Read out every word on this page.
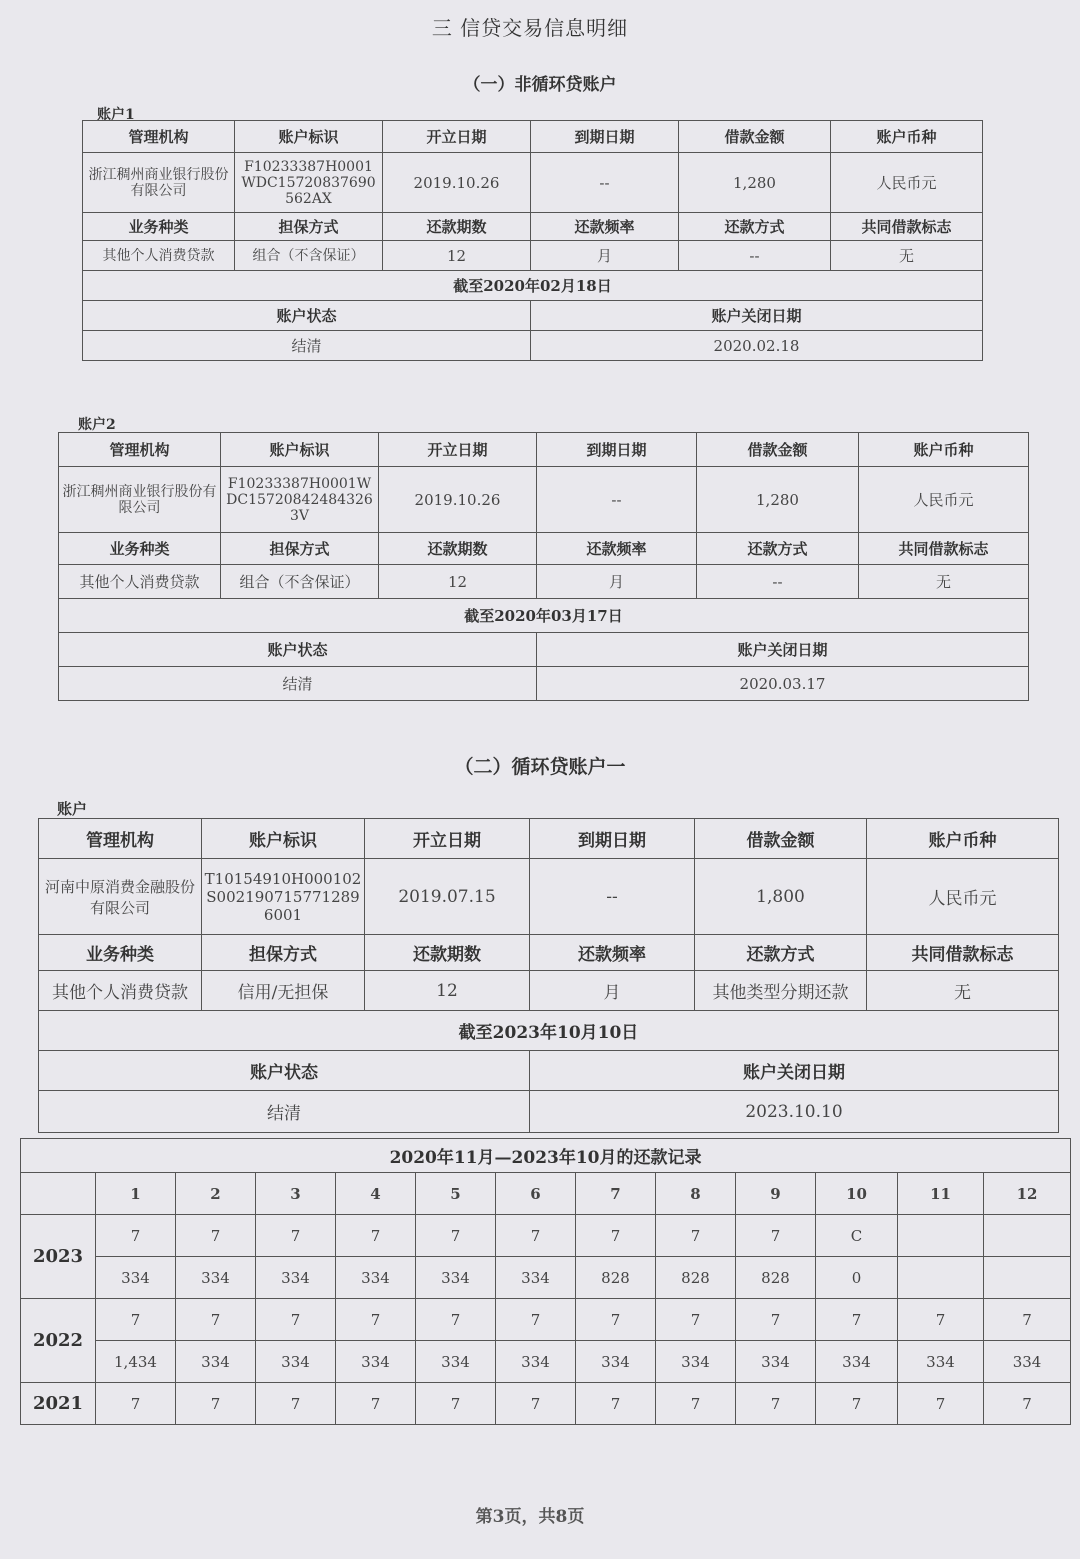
三 信贷交易信息明细
（一）非循环贷账户
账户1
管理机构	账户标识	开立日期	到期日期	借款金额	账户币种
浙江稠州商业银行股份有限公司	F10233387H0001WDC15720837690562AX	2019.10.26	--	1,280	人民币元
业务种类	担保方式	还款期数	还款频率	还款方式	共同借款标志
其他个人消费贷款	组合（不含保证）	12	月	--	无
截至2020年02月18日					
账户状态			账户关闭日期		
结清			2020.02.18		
账户2
管理机构	账户标识	开立日期	到期日期	借款金额	账户币种
浙江稠州商业银行股份有限公司	F10233387H0001WDC157208424843263V	2019.10.26	--	1,280	人民币元
业务种类	担保方式	还款期数	还款频率	还款方式	共同借款标志
其他个人消费贷款	组合（不含保证）	12	月	--	无
截至2020年03月17日					
账户状态			账户关闭日期		
结清			2020.03.17		
（二）循环贷账户一
账户
管理机构	账户标识	开立日期	到期日期	借款金额	账户币种
河南中原消费金融股份有限公司	T10154910H000102S0021907157712896001	2019.07.15	--	1,800	人民币元
业务种类	担保方式	还款期数	还款频率	还款方式	共同借款标志
其他个人消费贷款	信用/无担保	12	月	其他类型分期还款	无
截至2023年10月10日					
账户状态			账户关闭日期		
结清			2023.10.10		
2020年11月—2023年10月的还款记录												
	1	2	3	4	5	6	7	8	9	10	11	12
2023	7	7	7	7	7	7	7	7	7	C		
	334	334	334	334	334	334	828	828	828	0		
2022	7	7	7	7	7	7	7	7	7	7	7	7
	1,434	334	334	334	334	334	334	334	334	334	334	334
2021	7	7	7	7	7	7	7	7	7	7	7	7
第3页，共8页
